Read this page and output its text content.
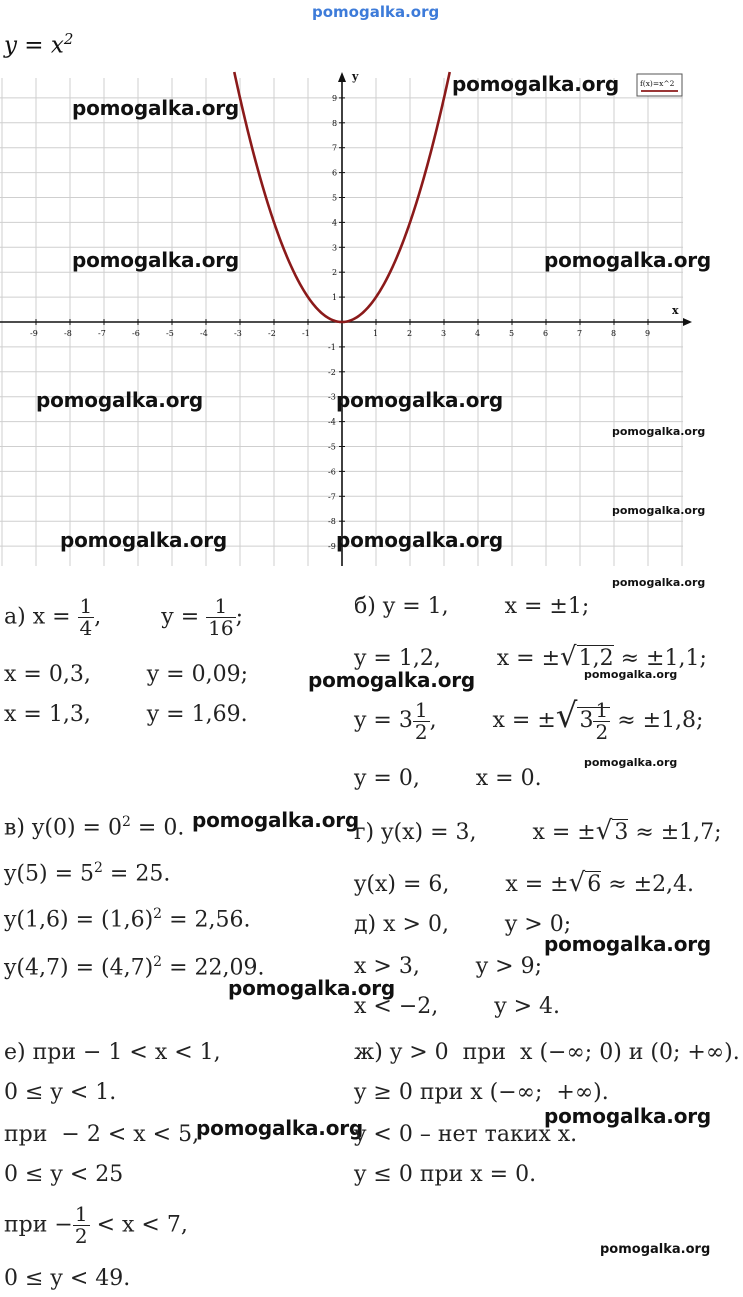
pomogalka.org
$y = x^2$
x
y
-9	-8	-7	-6	-5	-4	-3	-2	-1	1	2	3	4	5	6	7	8	9
1
2
3
4
5
6
7
8
9
-1
-2
-3
-4
-5
-6
-7
-8
-9
f(x)=x^2
pomogalka.org
pomogalka.org
pomogalka.org	pomogalka.org
pomogalka.org	pomogalka.org
pomogalka.org
pomogalka.org
pomogalka.org	pomogalka.org
pomogalka.org
а) $x = \frac{1}{4}$ ,	$y = \frac{1}{16}$ ;
x = 0,3,        y = 0,09;
x = 1,3,        y = 1,69.
б) y = 1,        x = ±1;
y = 1,2,        x = ±√1,2 ≈ ±1,1;
pomogalka.org	pomogalka.org
$y = 3 \frac{1}{2}$ ,        $x = \pm√3 \frac{1}{2} \approx \pm 1,8$;
pomogalka.org
y = 0,        x = 0.
в) $y(0) = 0^2 = 0$. pomogalka.org
$y(5) = 5^2 = 25$.
$y(1,6) = (1,6)^2 = 2,56$.
$y(4,7) = (4,7)^2 = 22,09$.
pomogalka.org
г) y(x) = 3,        x = ±√3 ≈ ±1,7;
y(x) = 6,        x = ±√6 ≈ ±2,4.
д) x > 0,        y > 0;
pomogalka.org
x > 3,        y > 9;
x < −2,        y > 4.
е) при − 1 < x < 1,
0 ≤ y < 1.
при  − 2 < x < 5,
pomogalka.org
0 ≤ y < 25
при − $\frac{1}{2} < x < 7$,
0 ≤ y < 49.
ж) y > 0  при  x (−∞; 0) и (0; +∞).
y ≥ 0 при x (−∞;  +∞).
pomogalka.org
y < 0 – нет таких x.
y ≤ 0 при x = 0.
pomogalka.org
